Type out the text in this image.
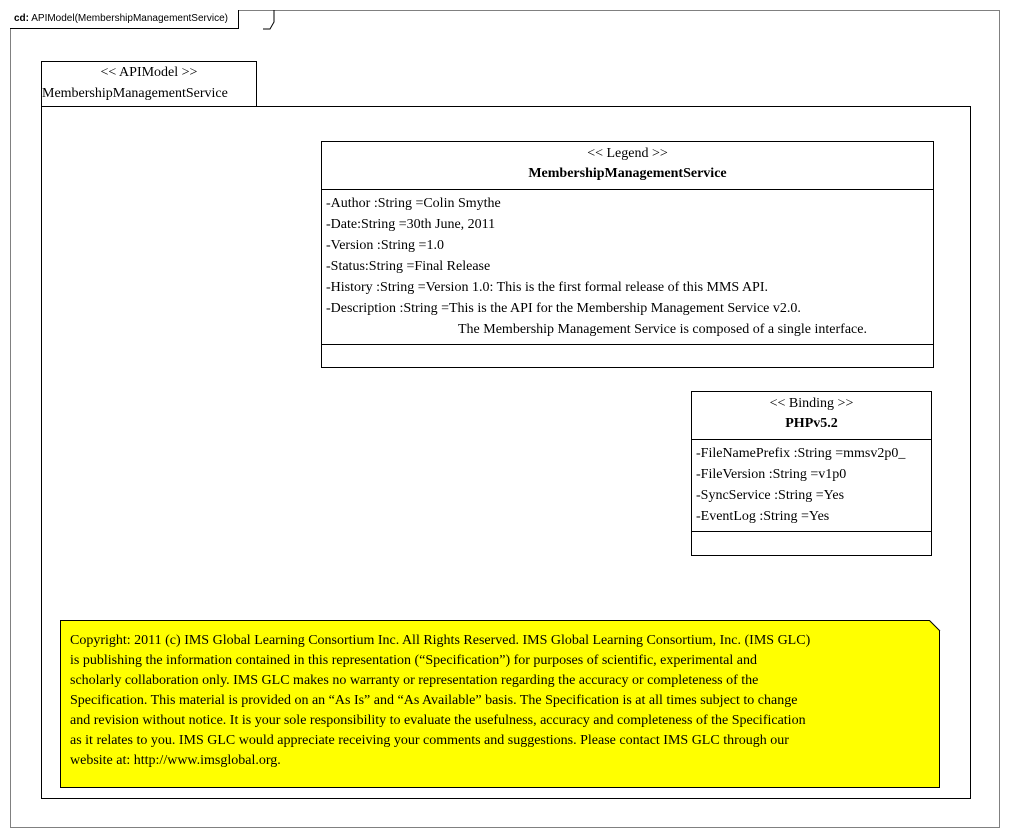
cd: APIModel(MembershipManagementService)
<< APIModel >>
MembershipManagementService
<< Legend >>
MembershipManagementService
-Author :String =Colin Smythe
-Date:String =30th June, 2011
-Version :String =1.0
-Status:String =Final Release
-History :String =Version 1.0: This is the first formal release of this MMS API.
-Description :String =This is the API for the Membership Management Service v2.0.
The Membership Management Service is composed of a single interface.
<< Binding >>
PHPv5.2
-FileNamePrefix :String =mmsv2p0_
-FileVersion :String =v1p0
-SyncService :String =Yes
-EventLog :String =Yes
Copyright: 2011 (c) IMS Global Learning Consortium Inc. All Rights Reserved. IMS Global Learning Consortium, Inc. (IMS GLC)
is publishing the information contained in this representation (“Specification”) for purposes of scientific, experimental and
scholarly collaboration only. IMS GLC makes no warranty or representation regarding the accuracy or completeness of the
Specification. This material is provided on an “As Is” and “As Available” basis. The Specification is at all times subject to change
and revision without notice. It is your sole responsibility to evaluate the usefulness, accuracy and completeness of the Specification
as it relates to you. IMS GLC would appreciate receiving your comments and suggestions. Please contact IMS GLC through our
website at: http://www.imsglobal.org.
